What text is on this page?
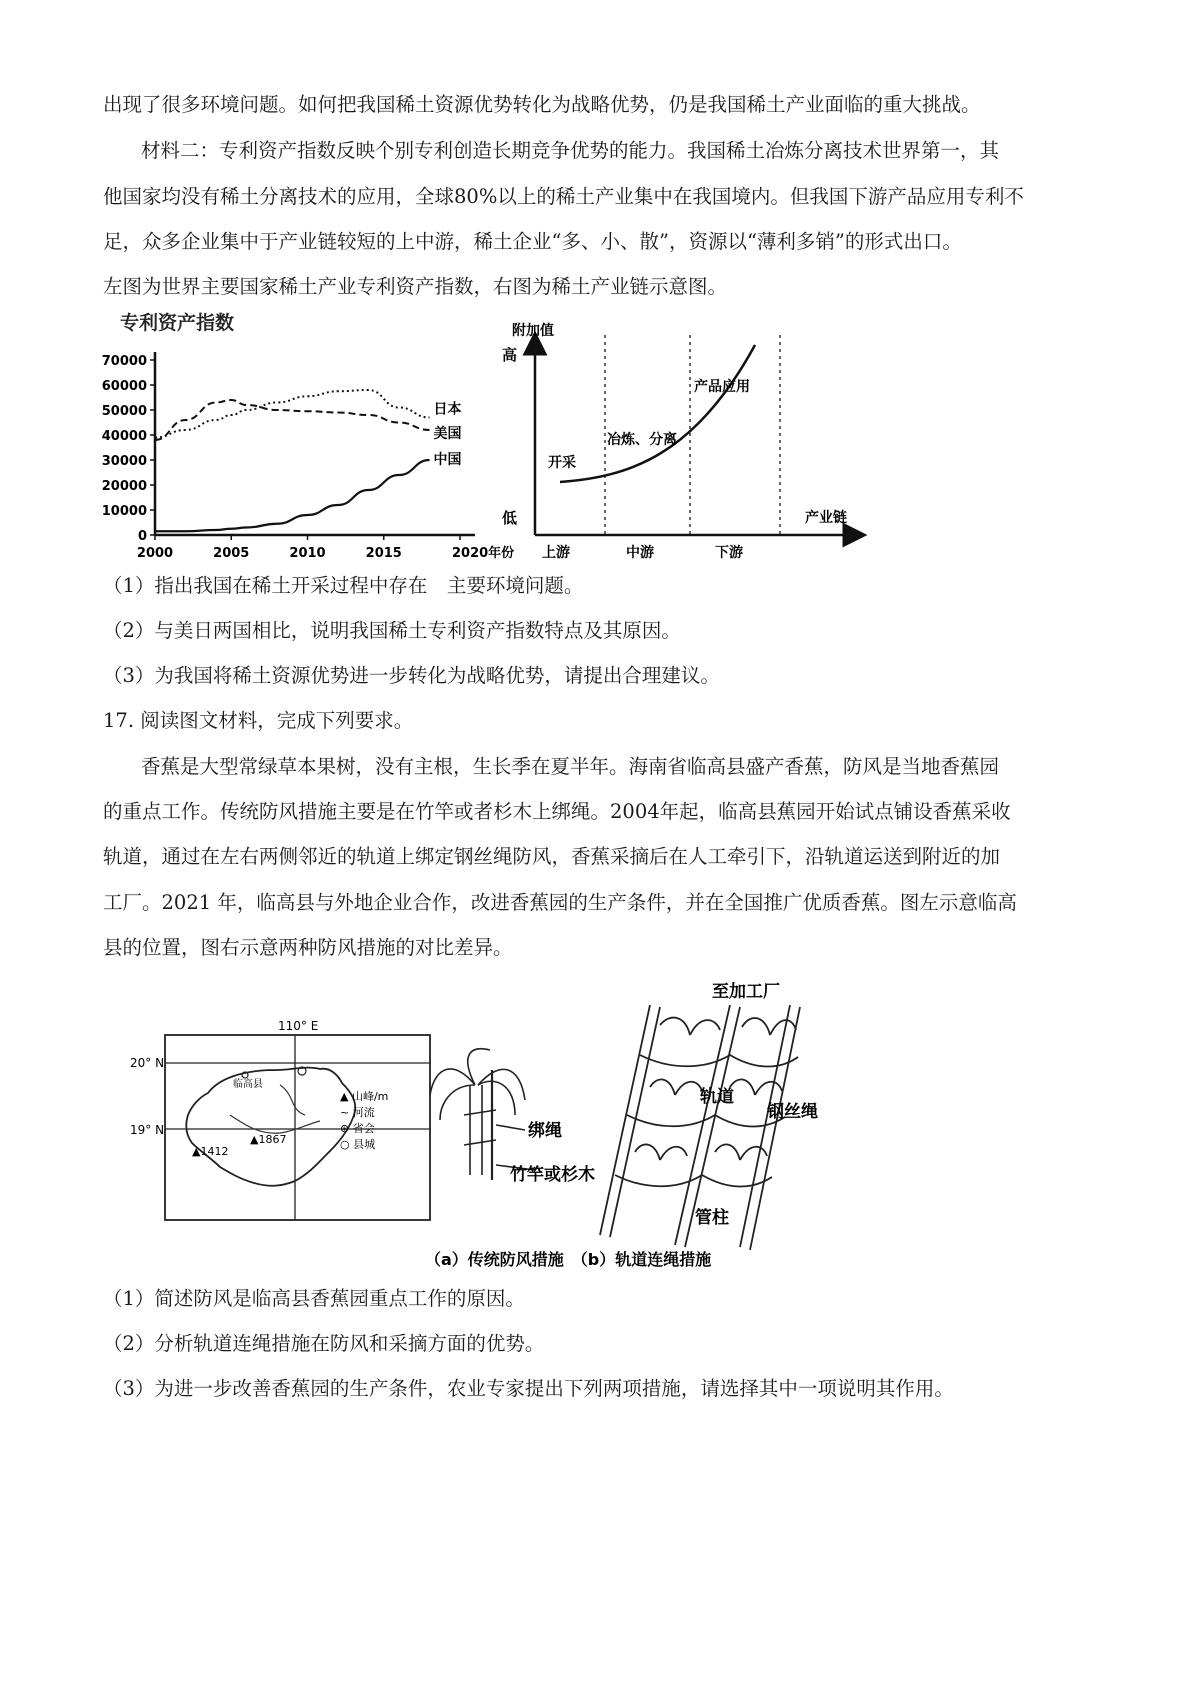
出现了很多环境问题。如何把我国稀土资源优势转化为战略优势，仍是我国稀土产业面临的重大挑战。
材料二：专利资产指数反映个别专利创造长期竞争优势的能力。我国稀土冶炼分离技术世界第一，其
他国家均没有稀土分离技术的应用，全球80%以上的稀土产业集中在我国境内。但我国下游产品应用专利不
足，众多企业集中于产业链较短的上中游，稀土企业“多、小、散”，资源以“薄利多销”的形式出口。
左图为世界主要国家稀土产业专利资产指数，右图为稀土产业链示意图。
专利资产指数
0
10000
20000
30000
40000
50000
60000
70000
2000	2005	2010	2015	2020年份
日本
美国
中国
附加值
高
低	产业链
上游	中游	下游
开采
冶炼、分离
产品应用
（1）指出我国在稀土开采过程中存在　主要环境问题。
（2）与美日两国相比，说明我国稀土专利资产指数特点及其原因。
（3）为我国将稀土资源优势进一步转化为战略优势，请提出合理建议。
17. 阅读图文材料，完成下列要求。
香蕉是大型常绿草本果树，没有主根，生长季在夏半年。海南省临高县盛产香蕉，防风是当地香蕉园
的重点工作。传统防风措施主要是在竹竿或者杉木上绑绳。2004年起，临高县蕉园开始试点铺设香蕉采收
轨道，通过在左右两侧邻近的轨道上绑定钢丝绳防风，香蕉采摘后在人工牵引下，沿轨道运送到附近的加
工厂。2021 年，临高县与外地企业合作，改进香蕉园的生产条件，并在全国推广优质香蕉。图左示意临高
县的位置，图右示意两种防风措施的对比差异。
110° E
20° N
19° N
临高县
▲1867
▲1412
▲ 山峰/m
~ 河流
⊛ 省会
○ 县城
绑绳
竹竿或杉木
至加工厂
轨道
钢丝绳
管柱
（a）传统防风措施　（b）轨道连绳措施
（1）简述防风是临高县香蕉园重点工作的原因。
（2）分析轨道连绳措施在防风和采摘方面的优势。
（3）为进一步改善香蕉园的生产条件，农业专家提出下列两项措施，请选择其中一项说明其作用。
